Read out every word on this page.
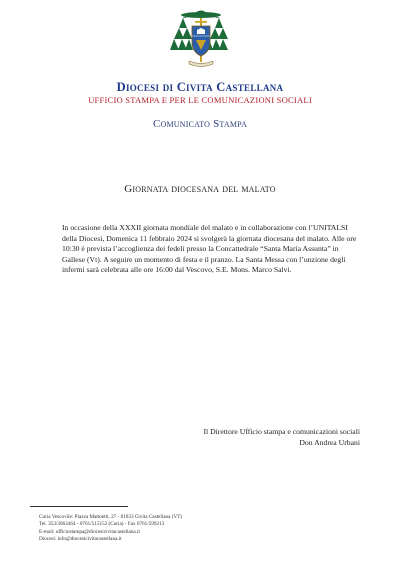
Diocesi di Civita Castellana
UFFICIO STAMPA E PER LE COMUNICAZIONI SOCIALI
Comunicato Stampa
Giornata diocesana del malato
In occasione della XXXII giornata mondiale del malato e in collaborazione con l’UNITALSI della Diocesi, Domenica 11 febbraio 2024 si svolgerà la giornata diocesana del malato. Alle ore 10:30 è prevista l’accoglienza dei fedeli presso la Concattedrale “Santa Maria Assunta” in Gallese (Vt). A seguire un momento di festa e il pranzo. La Santa Messa con l’unzione degli infermi sarà celebrata alle ore 16:00 dal Vescovo, S.E. Mons. Marco Salvi.
Il Direttore Ufficio stampa e comunicazioni sociali
Don Andrea Urbani
Curia Vescovile: Piazza Mattoetti, 27 - 01033 Civita Castellana (VT)
Tel. 353/3063464 - 0761/515152 (Curia) - Fax 0761/599213
E-mail: ufficiostampa@diocesicivitacastellana.it
Diocesi: info@diocesicivitacastellana.it
